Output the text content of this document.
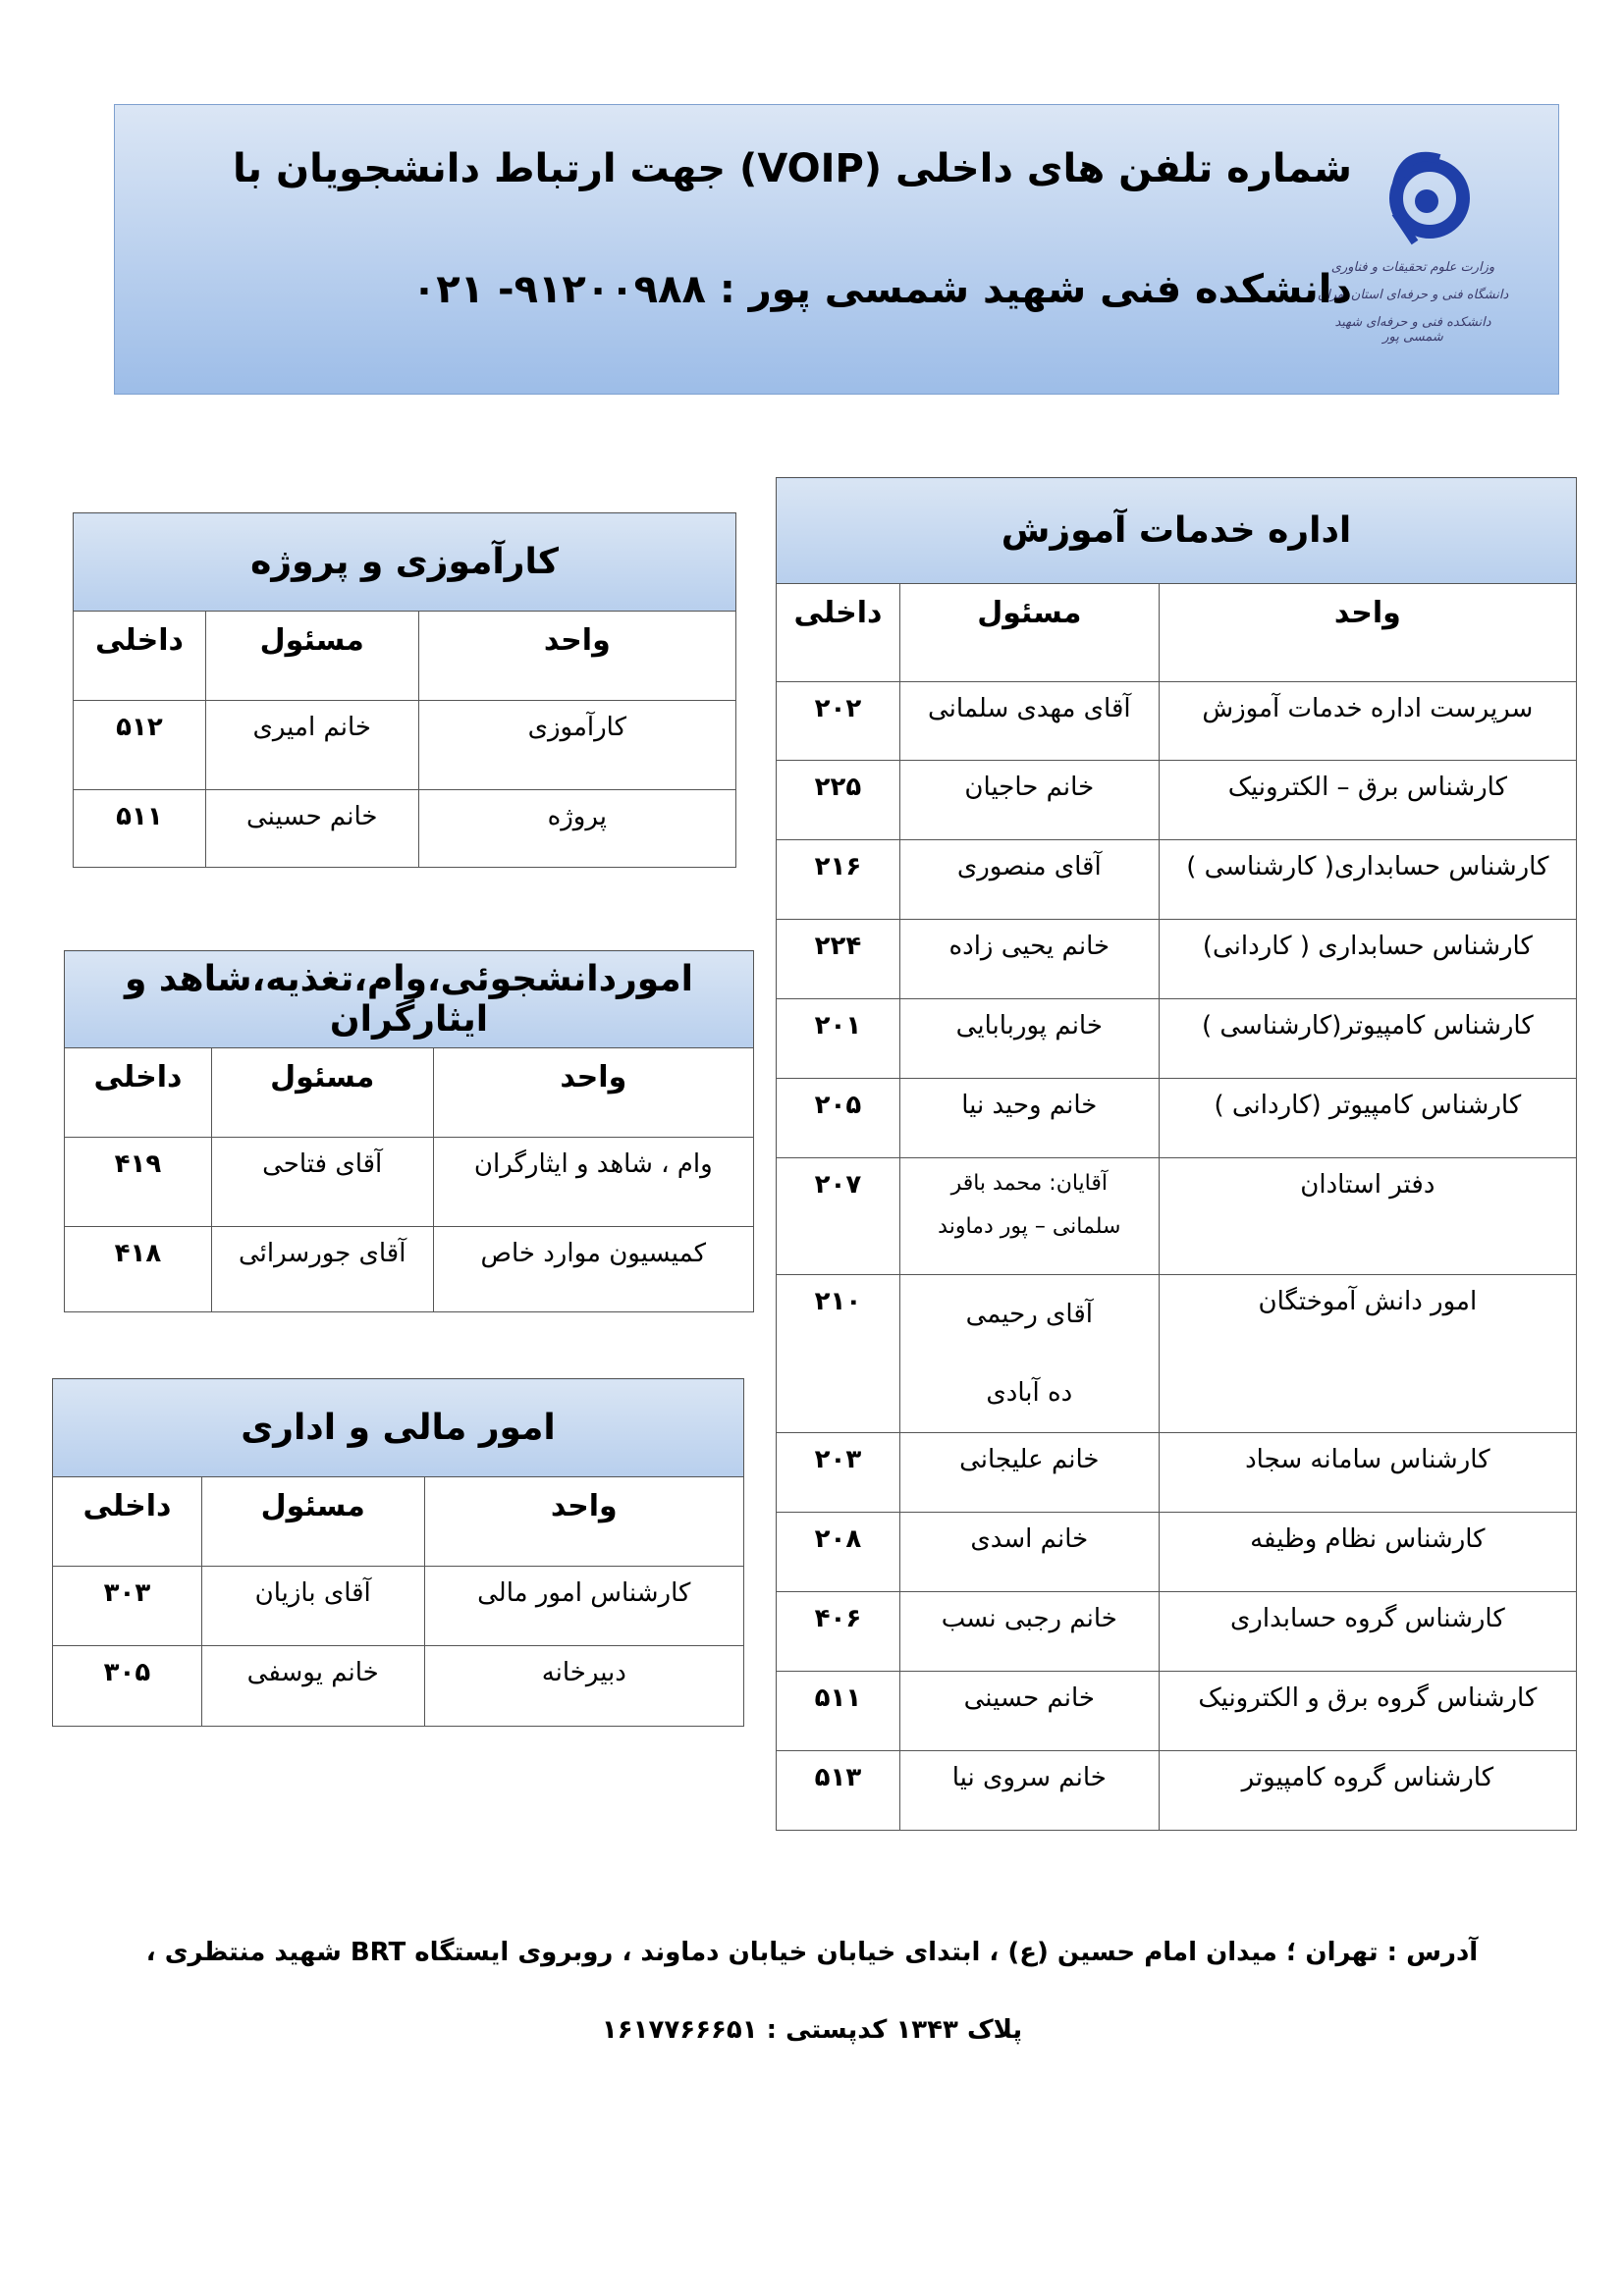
وزارت علوم تحقیقات و فناوری
دانشگاه فنی و حرفه‌ای استان تهران
دانشکده فنی و حرفه‌ای شهید شمسی پور
شماره تلفن های داخلی (VOIP) جهت ارتباط دانشجویان با
دانشکده فنی شهید شمسی پور : ۹۱۲۰۰۹۸۸- ۰۲۱
اداره خدمات آموزش		
واحد	مسئول	داخلی
سرپرست اداره خدمات آموزش	آقای مهدی سلمانی	۲۰۲
کارشناس برق – الکترونیک	خانم حاجیان	۲۲۵
کارشناس حسابداری( کارشناسی )	آقای منصوری	۲۱۶
کارشناس حسابداری ( کاردانی)	خانم یحیی زاده	۲۲۴
کارشناس کامپیوتر(کارشناسی )	خانم پوربابایی	۲۰۱
کارشناس کامپیوتر (کاردانی )	خانم وحید نیا	۲۰۵
دفتر استادان	آقایان: محمد باقر سلمانی – پور دماوند	۲۰۷
امور دانش آموختگان	آقای رحیمی ده آبادی	۲۱۰
کارشناس سامانه سجاد	خانم علیجانی	۲۰۳
کارشناس نظام وظیفه	خانم اسدی	۲۰۸
کارشناس گروه حسابداری	خانم رجبی نسب	۴۰۶
کارشناس گروه برق و الکترونیک	خانم حسینی	۵۱۱
کارشناس گروه کامپیوتر	خانم سروی نیا	۵۱۳
کارآموزی و پروژه		
واحد	مسئول	داخلی
کارآموزی	خانم امیری	۵۱۲
پروژه	خانم حسینی	۵۱۱
اموردانشجوئی،وام،تغذیه،شاهد و ایثارگران		
واحد	مسئول	داخلی
وام ، شاهد و ایثارگران	آقای فتاحی	۴۱۹
کمیسیون موارد خاص	آقای جورسرائی	۴۱۸
امور مالی و اداری		
واحد	مسئول	داخلی
کارشناس امور مالی	آقای بازیان	۳۰۳
دبیرخانه	خانم یوسفی	۳۰۵
آدرس : تهران ؛ میدان امام حسین (ع) ، ابتدای خیابان خیابان دماوند ، روبروی ایستگاه BRT شهید منتظری ،
پلاک ۱۳۴۳ کدپستی : ۱۶۱۷۷۶۶۶۵۱
